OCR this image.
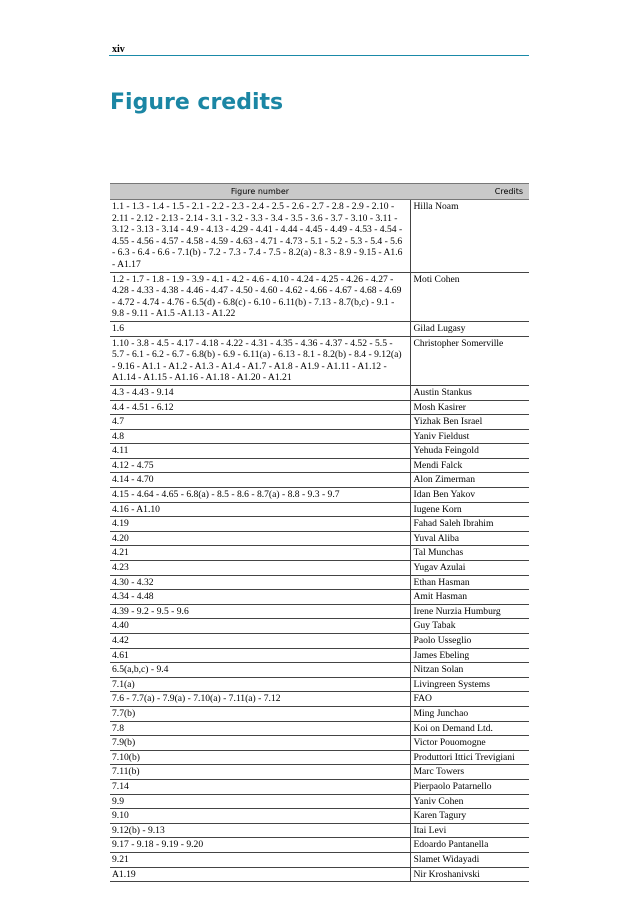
xiv
Figure credits
Figure number	Credits
1.1 - 1.3 - 1.4 - 1.5 - 2.1 - 2.2 - 2.3 - 2.4 - 2.5 - 2.6 - 2.7 - 2.8 - 2.9 - 2.10 - 2.11 - 2.12 - 2.13 - 2.14 - 3.1 - 3.2 - 3.3 - 3.4 - 3.5 - 3.6 - 3.7 - 3.10 - 3.11 - 3.12 - 3.13 - 3.14 - 4.9 - 4.13 - 4.29 - 4.41 - 4.44 - 4.45 - 4.49 - 4.53 - 4.54 - 4.55 - 4.56 - 4.57 - 4.58 - 4.59 - 4.63 - 4.71 - 4.73 - 5.1 - 5.2 - 5.3 - 5.4 - 5.6 - 6.3 - 6.4 - 6.6 - 7.1(b) - 7.2 - 7.3 - 7.4 - 7.5 - 8.2(a) - 8.3 - 8.9 - 9.15 - A1.6 - A1.17	Hilla Noam
1.2 - 1.7 - 1.8 - 1.9 - 3.9 - 4.1 - 4.2 - 4.6 - 4.10 - 4.24 - 4.25 - 4.26 - 4.27 - 4.28 - 4.33 - 4.38 - 4.46 - 4.47 - 4.50 - 4.60 - 4.62 - 4.66 - 4.67 - 4.68 - 4.69 - 4.72 - 4.74 - 4.76 - 6.5(d) - 6.8(c) - 6.10 - 6.11(b) - 7.13 - 8.7(b,c) - 9.1 - 9.8 - 9.11 - A1.5 -A1.13 - A1.22	Moti Cohen
1.6	Gilad Lugasy
1.10 - 3.8 - 4.5 - 4.17 - 4.18 - 4.22 - 4.31 - 4.35 - 4.36 - 4.37 - 4.52 - 5.5 - 5.7 - 6.1 - 6.2 - 6.7 - 6.8(b) - 6.9 - 6.11(a) - 6.13 - 8.1 - 8.2(b) - 8.4 - 9.12(a) - 9.16 - A1.1 - A1.2 - A1.3 - A1.4 - A1.7 - A1.8 - A1.9 - A1.11 - A1.12 - A1.14 - A1.15 - A1.16 - A1.18 - A1.20 - A1.21	Christopher Somerville
4.3 - 4.43 - 9.14	Austin Stankus
4.4 - 4.51 - 6.12	Mosh Kasirer
4.7	Yizhak Ben Israel
4.8	Yaniv Fieldust
4.11	Yehuda Feingold
4.12 - 4.75	Mendi Falck
4.14 - 4.70	Alon Zimerman
4.15 - 4.64 - 4.65 - 6.8(a) - 8.5 - 8.6 - 8.7(a) - 8.8 - 9.3 - 9.7	Idan Ben Yakov
4.16 - A1.10	Iugene Korn
4.19	Fahad Saleh Ibrahim
4.20	Yuval Aliba
4.21	Tal Munchas
4.23	Yugav Azulai
4.30 - 4.32	Ethan Hasman
4.34 - 4.48	Amit Hasman
4.39 - 9.2 - 9.5 - 9.6	Irene Nurzia Humburg
4.40	Guy Tabak
4.42	Paolo Usseglio
4.61	James Ebeling
6.5(a,b,c) - 9.4	Nitzan Solan
7.1(a)	Livingreen Systems
7.6 - 7.7(a) - 7.9(a) - 7.10(a) - 7.11(a) - 7.12	FAO
7.7(b)	Ming Junchao
7.8	Koi on Demand Ltd.
7.9(b)	Victor Pouomogne
7.10(b)	Produttori Ittici Trevigiani
7.11(b)	Marc Towers
7.14	Pierpaolo Patarnello
9.9	Yaniv Cohen
9.10	Karen Tagury
9.12(b) - 9.13	Itai Levi
9.17 - 9.18 - 9.19 - 9.20	Edoardo Pantanella
9.21	Slamet Widayadi
A1.19	Nir Kroshanivski
